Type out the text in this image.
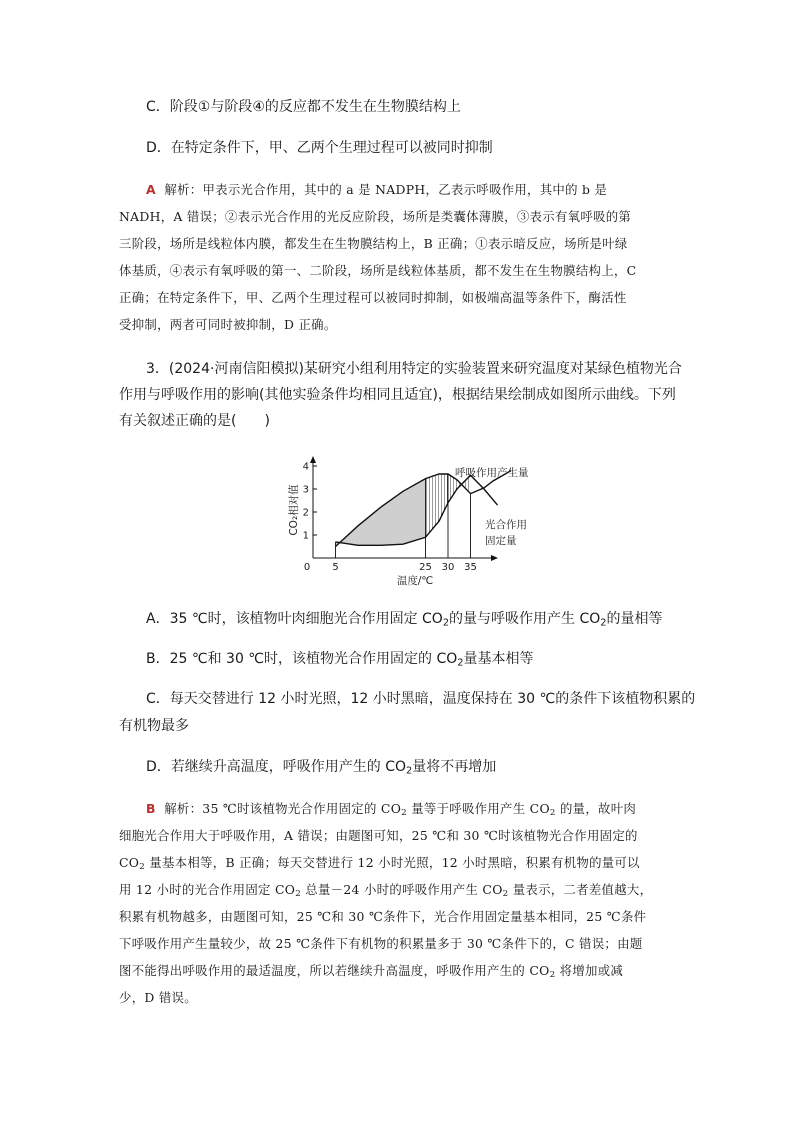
C．阶段①与阶段④的反应都不发生在生物膜结构上
D．在特定条件下，甲、乙两个生理过程可以被同时抑制
A 解析：甲表示光合作用，其中的 a 是 NADPH，乙表示呼吸作用，其中的 b 是
NADH，A 错误；②表示光合作用的光反应阶段，场所是类囊体薄膜，③表示有氧呼吸的第
三阶段，场所是线粒体内膜，都发生在生物膜结构上，B 正确；①表示暗反应，场所是叶绿
体基质，④表示有氧呼吸的第一、二阶段，场所是线粒体基质，都不发生在生物膜结构上，C
正确；在特定条件下，甲、乙两个生理过程可以被同时抑制，如极端高温等条件下，酶活性
受抑制，两者可同时被抑制，D 正确。
3．(2024·河南信阳模拟)某研究小组利用特定的实验装置来研究温度对某绿色植物光合
作用与呼吸作用的影响(其他实验条件均相同且适宜)，根据结果绘制成如图所示曲线。下列
有关叙述正确的是(　　)
1
2
3
4
5	25 30 35
0
CO₂相对值
温度/℃
呼吸作用产生量
光合作用
固定量
A．35 ℃时，该植物叶肉细胞光合作用固定 $CO_2$的量与呼吸作用产生 $CO_2$的量相等
B．25 ℃和 30 ℃时，该植物光合作用固定的 $CO_2$量基本相等
C．每天交替进行 12 小时光照，12 小时黑暗，温度保持在 30 ℃的条件下该植物积累的
有机物最多
D．若继续升高温度，呼吸作用产生的 $CO_2$量将不再增加
B 解析：35 ℃时该植物光合作用固定的 $CO_2$ 量等于呼吸作用产生 $CO_2$ 的量，故叶肉
细胞光合作用大于呼吸作用，A 错误；由题图可知，25 ℃和 30 ℃时该植物光合作用固定的
$CO_2$ 量基本相等，B 正确；每天交替进行 12 小时光照，12 小时黑暗，积累有机物的量可以
用 12 小时的光合作用固定 $CO_2$ 总量－24 小时的呼吸作用产生 $CO_2$ 量表示，二者差值越大，
积累有机物越多，由题图可知，25 ℃和 30 ℃条件下，光合作用固定量基本相同，25 ℃条件
下呼吸作用产生量较少，故 25 ℃条件下有机物的积累量多于 30 ℃条件下的，C 错误；由题
图不能得出呼吸作用的最适温度，所以若继续升高温度，呼吸作用产生的 $CO_2$ 将增加或减
少，D 错误。
